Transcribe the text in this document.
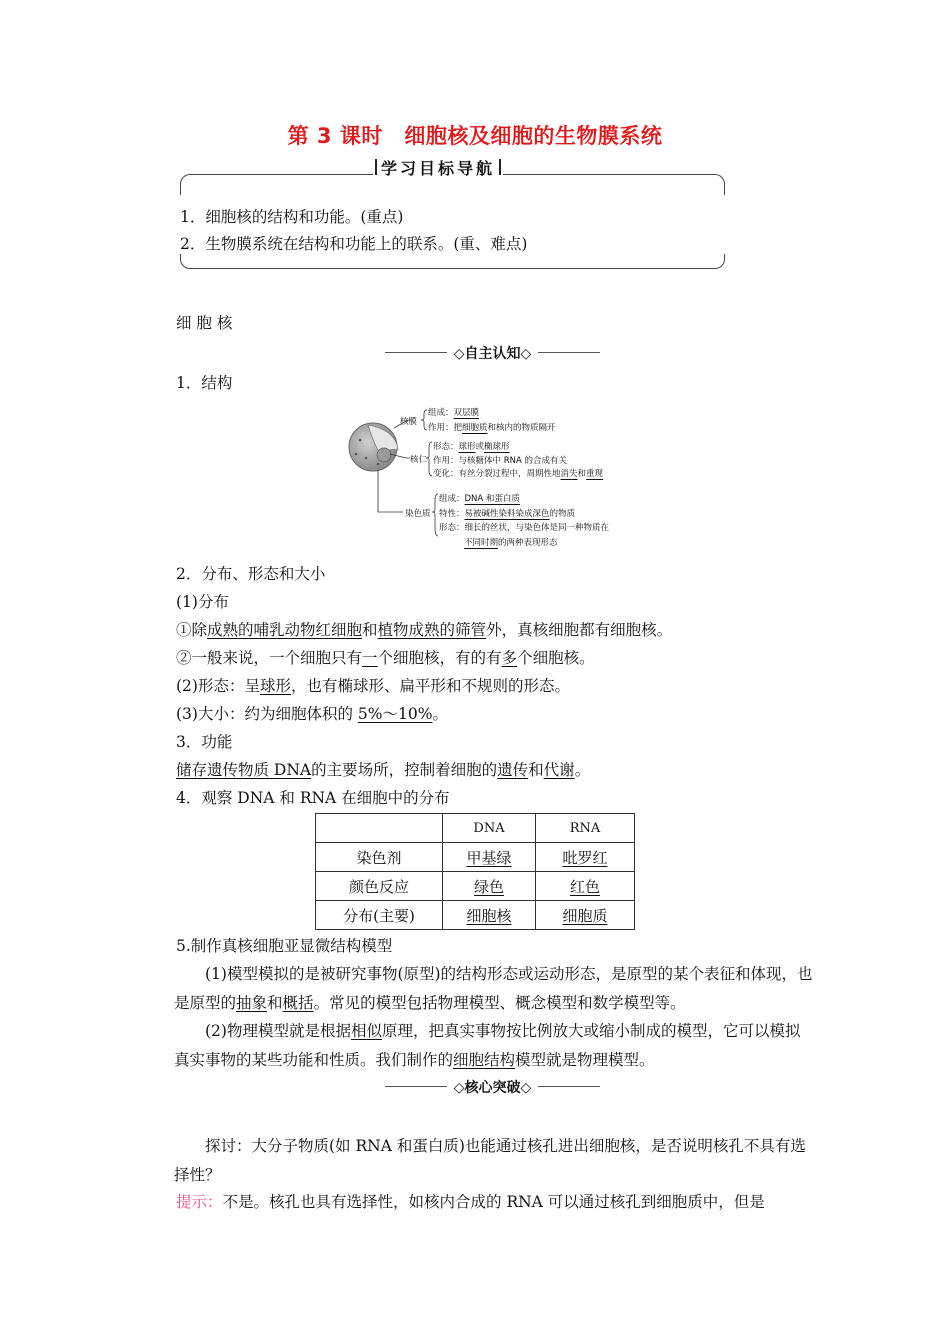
第 3 课时　细胞核及细胞的生物膜系统
学习目标导航
1．细胞核的结构和功能。(重点)
2．生物膜系统在结构和功能上的联系。(重、难点)
细 胞 核
◇自主认知◇
1．结构
核膜
组成：双层膜
作用：把细胞质和核内的物质隔开
核仁
形态：球形或椭球形
作用：与核糖体中 RNA 的合成有关
变化：有丝分裂过程中，周期性地消失和重现
染色质
组成：DNA 和蛋白质
特性：易被碱性染料染成深色的物质
形态：细长的丝状，与染色体是同一种物质在
不同时期的两种表现形态
2．分布、形态和大小
(1)分布
①除成熟的哺乳动物红细胞和植物成熟的筛管外，真核细胞都有细胞核。
②一般来说，一个细胞只有一个细胞核，有的有多个细胞核。
(2)形态：呈球形，也有椭球形、扁平形和不规则的形态。
(3)大小：约为细胞体积的 5%～10%。
3．功能
储存遗传物质 DNA的主要场所，控制着细胞的遗传和代谢。
4．观察 DNA 和 RNA 在细胞中的分布
	DNA	RNA
染色剂	甲基绿	吡罗红
颜色反应	绿色	红色
分布(主要)	细胞核	细胞质
5.制作真核细胞亚显微结构模型
(1)模型模拟的是被研究事物(原型)的结构形态或运动形态，是原型的某个表征和体现，也是原型的抽象和概括。常见的模型包括物理模型、概念模型和数学模型等。
(2)物理模型就是根据相似原理，把真实事物按比例放大或缩小制成的模型，它可以模拟真实事物的某些功能和性质。我们制作的细胞结构模型就是物理模型。
◇核心突破◇
探讨：大分子物质(如 RNA 和蛋白质)也能通过核孔进出细胞核，是否说明核孔不具有选择性？
提示：不是。核孔也具有选择性，如核内合成的 RNA 可以通过核孔到细胞质中，但是
